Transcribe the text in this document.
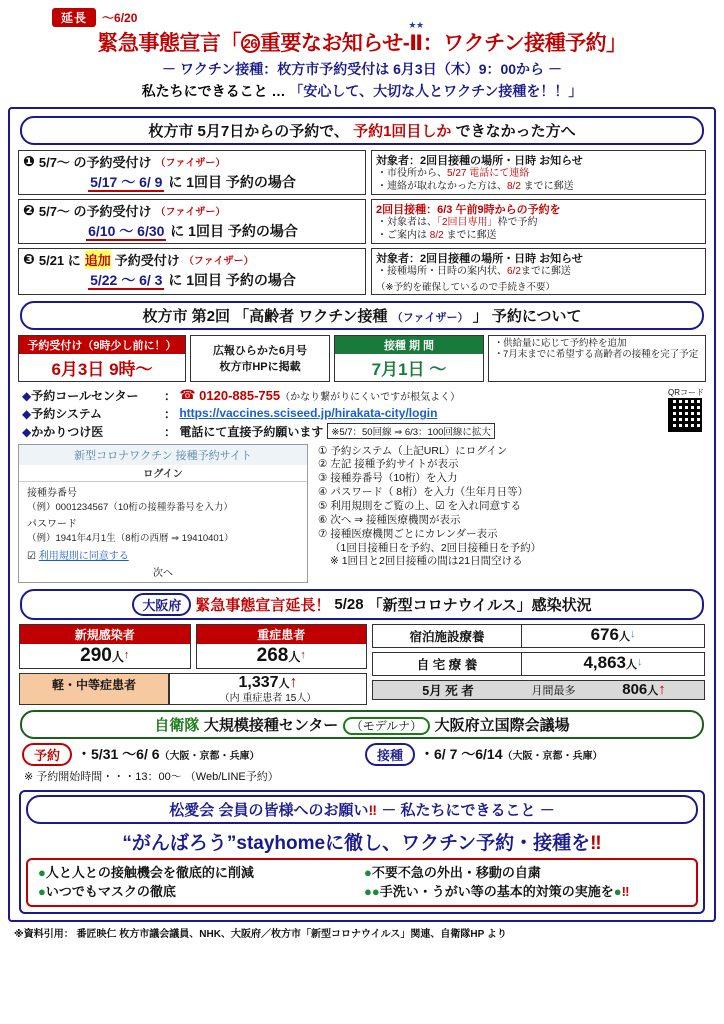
延長	～6/20
緊急事態宣言「 26 重要なお知らせ-
★★
Ⅱ：ワクチン接種予約」
－ ワクチン接種：枚方市予約受付は 6月3日（木）9：00から －
私たちにできること … 「安心して、大切な人とワクチン接種を！！」
枚方市 5月7日からの予約で、 予約1回目しか できなかった方へ
❶ 5/7～ の予約受付け （ファイザー）
5/17 ～ 6/ 9 に 1回目 予約の場合
対象者：2回目接種の場所・日時 お知らせ
・ 市役所から、5/27 電話にて連絡
・ 連絡が取れなかった方は、8/2 までに郵送
❷ 5/7～ の予約受付け （ファイザー）
6/10 ～ 6/30 に 1回目 予約の場合
2回目接種：6/3 午前9時からの予約を
・ 対象者は、「2回目専用」枠で予約
・ ご案内は 8/2 までに郵送
❸ 5/21 に 追加 予約受付け （ファイザー）
5/22 ～ 6/ 3 に 1回目 予約の場合
対象者：2回目接種の場所・日時 お知らせ
・ 接種場所・日時の案内状、6/2までに郵送
（※予約を確保しているので手続き不要）
枚方市 第2回 「高齢者 ワクチン接種 （ファイザー） 」 予約について
予約受付け（9時少し前に！）
6月3日 9時～
広報ひらかた6月号
枚方市HPに掲載
接種 期 間
7月1日 ～
・ 供給量に応じて予約枠を追加
・ 7月末までに希望する高齢者の接種を完了予定
QRコード
◆ 予約コールセンター	： ☎ 0120-885-755 （かなり繋がりにくいですが根気よく）
◆ 予約システム	： https://vaccines.sciseed.jp/hirakata-city/login
◆ かかりつけ医	： 電話にて直接予約願います ※5/7：50回線 ⇒ 6/3：100回線に拡大
新型コロナワクチン 接種予約サイト
ログイン
接種券番号
（例）0001234567（10桁の接種券番号を入力）
パスワード
（例）1941年4月1生（8桁の西暦 ⇒ 19410401）
☑ 利用規則に同意する
次へ
① 予約システム（上記URL）にログイン
② 左記 接種予約サイトが表示
③ 接種券番号（10桁）を入力
④ パスワード（ 8桁）を入力（生年月日等）
⑤ 利用規則をご覧の上、☑ を入れ同意する
⑥ 次へ ⇒ 接種医療機関が表示
⑦ 接種医療機関ごとにカレンダー表示
（1回目接種日を予約、2回目接種日を予約）
※ 1回目と2回目接種の間は21日間空ける
大阪府 緊急事態宣言延長！ 5/28 「新型コロナウイルス」感染状況
新規感染者
290人↑
重症患者
268人↑
軽・中等症患者	1,337人↑
（内 重症患者 15人）
宿泊施設療養	676人↓
自 宅 療 養	4,863人↓
5月 死 者	月間最多	806人↑
自衛隊 大規模接種センター （モデルナ） 大阪府立国際会議場
予約	・5/31 ～6/ 6（大阪・京都・兵庫）	接種	・6/ 7 ～6/14（大阪・京都・兵庫）
※ 予約開始時間・・・13：00～ （Web/LINE予約）
松愛会 会員の皆様へのお願い‼ － 私たちにできること －
“がんばろう”stayhomeに徹し、ワクチン予約・接種を‼
● 人と人との接触機会を徹底的に削減	● 不要不急の外出・移動の自粛
● いつでもマスクの徹底	● ● 手洗い・うがい等の基本的対策の実施を ● ‼
※資料引用： 番匠映仁 枚方市議会議員、NHK、大阪府／枚方市「新型コロナウイルス」関連、自衛隊HP より
